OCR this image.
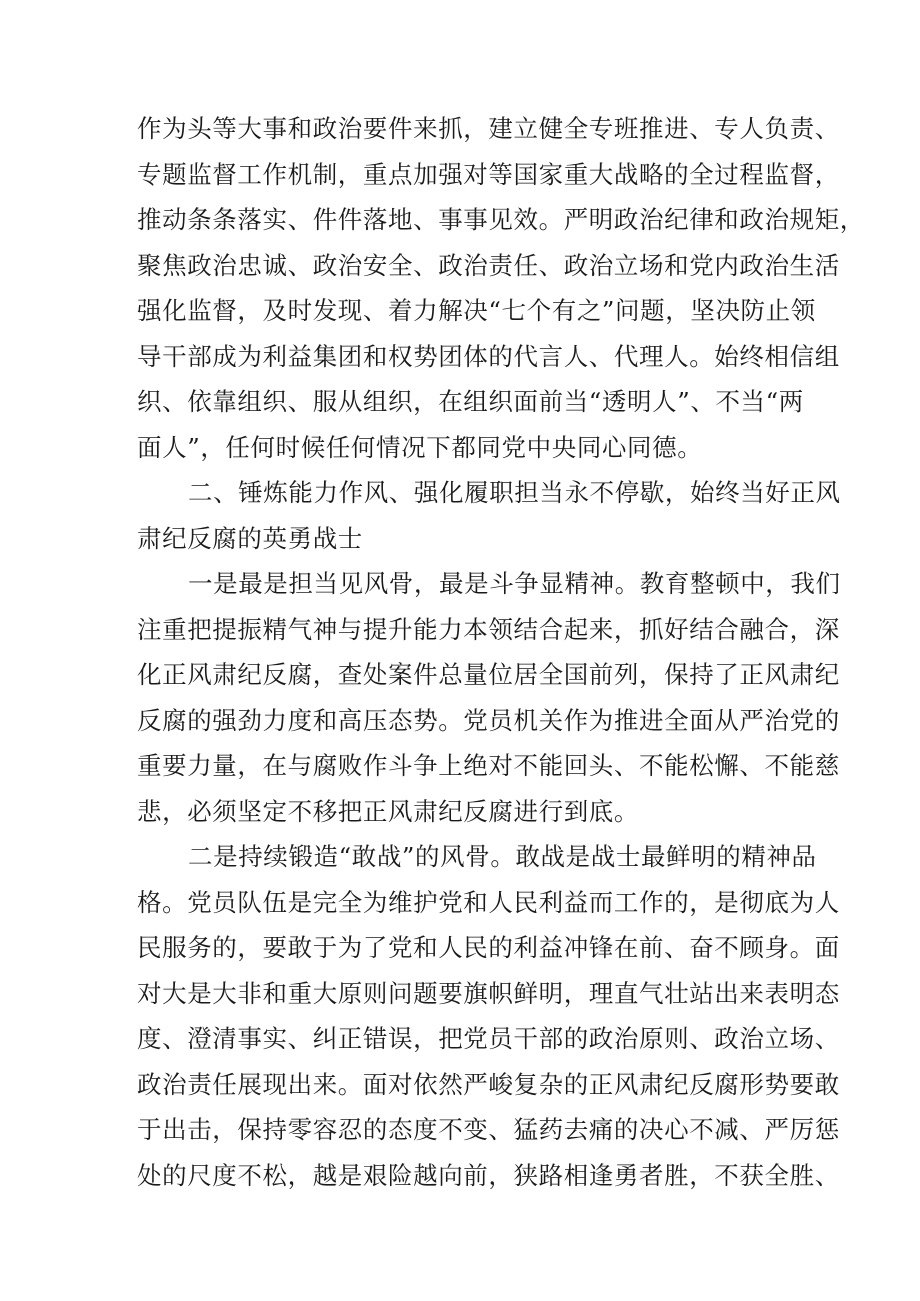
作为头等大事和政治要件来抓，建立健全专班推进、专人负责、
专题监督工作机制，重点加强对等国家重大战略的全过程监督，
推动条条落实、件件落地、事事见效。严明政治纪律和政治规矩，
聚焦政治忠诚、政治安全、政治责任、政治立场和党内政治生活
强化监督，及时发现、着力解决“七个有之”问题，坚决防止领
导干部成为利益集团和权势团体的代言人、代理人。始终相信组
织、依靠组织、服从组织，在组织面前当“透明人”、不当“两
面人”，任何时候任何情况下都同党中央同心同德。
二、锤炼能力作风、强化履职担当永不停歇，始终当好正风
肃纪反腐的英勇战士
一是最是担当见风骨，最是斗争显精神。教育整顿中，我们
注重把提振精气神与提升能力本领结合起来，抓好结合融合，深
化正风肃纪反腐，查处案件总量位居全国前列，保持了正风肃纪
反腐的强劲力度和高压态势。党员机关作为推进全面从严治党的
重要力量，在与腐败作斗争上绝对不能回头、不能松懈、不能慈
悲，必须坚定不移把正风肃纪反腐进行到底。
二是持续锻造“敢战”的风骨。敢战是战士最鲜明的精神品
格。党员队伍是完全为维护党和人民利益而工作的，是彻底为人
民服务的，要敢于为了党和人民的利益冲锋在前、奋不顾身。面
对大是大非和重大原则问题要旗帜鲜明，理直气壮站出来表明态
度、澄清事实、纠正错误，把党员干部的政治原则、政治立场、
政治责任展现出来。面对依然严峻复杂的正风肃纪反腐形势要敢
于出击，保持零容忍的态度不变、猛药去痛的决心不减、严厉惩
处的尺度不松，越是艰险越向前，狭路相逢勇者胜，不获全胜、
